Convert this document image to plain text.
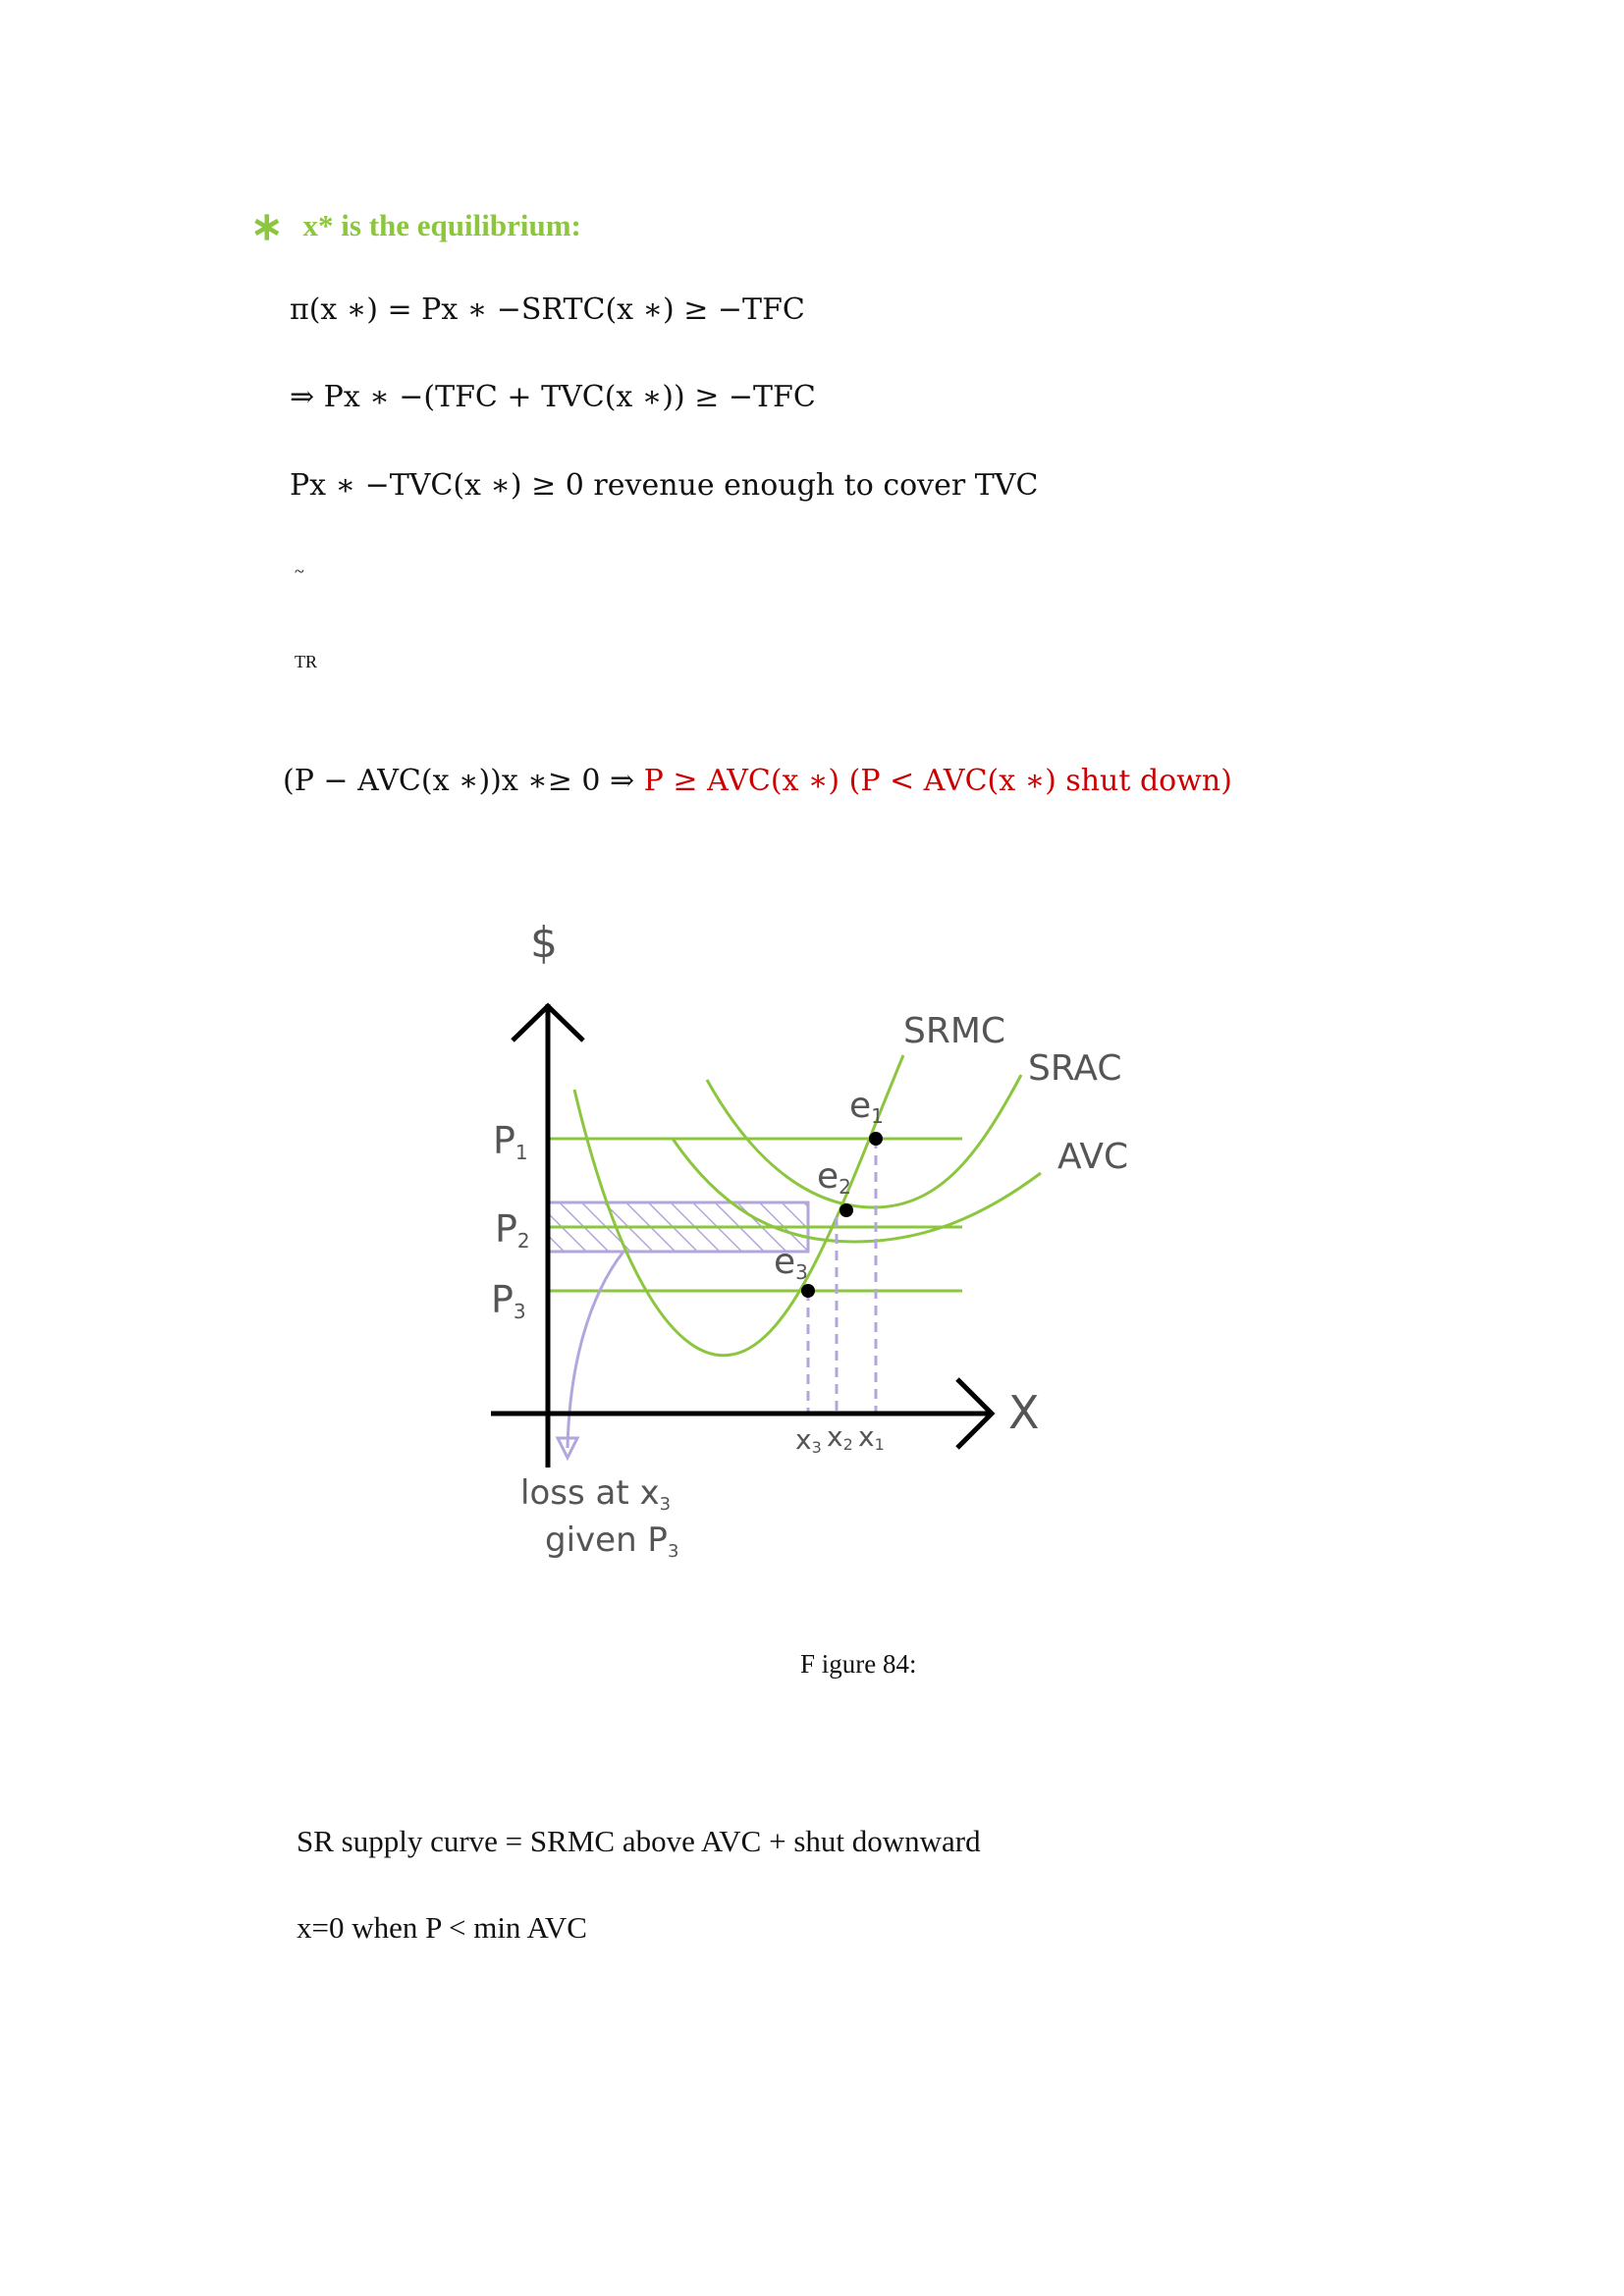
∗ x* is the equilibrium:
π(x ∗) = Px ∗ −SRTC(x ∗) ≥ −TFC
⇒ Px ∗ −(TFC + TVC(x ∗)) ≥ −TFC
Px ∗ −TVC(x ∗) ≥ 0 revenue enough to cover TVC
~
TR
(P − AVC(x ∗))x ∗≥ 0 ⇒ P ≥ AVC(x ∗) (P < AVC(x ∗) shut down)
$
X
SRMC
SRAC
AVC
P1
P2
P3
e1
e2
e3
x3 x2 x1
loss at x3
given P3
F igure 84:
SR supply curve = SRMC above AVC + shut downward
x=0 when P < min AVC
